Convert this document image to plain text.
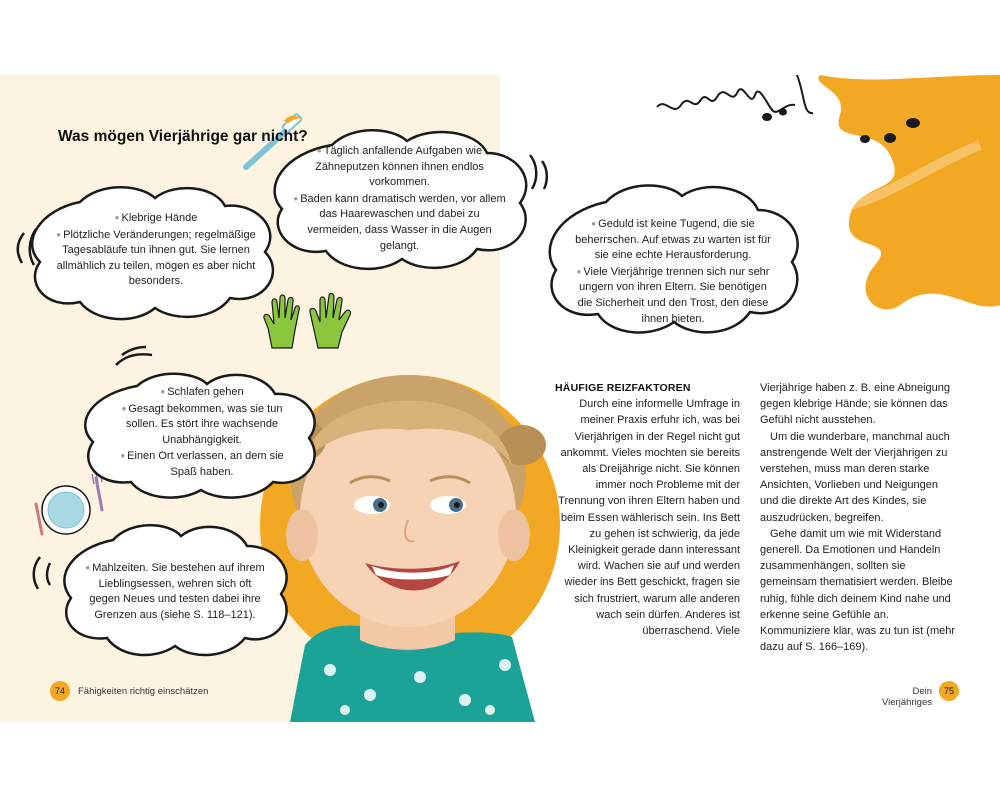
Was mögen Vierjährige gar nicht?
● Klebrige Hände
● Plötzliche Veränderungen; regelmäßige Tagesabläufe tun ihnen gut. Sie lernen allmählich zu teilen, mögen es aber nicht besonders.
● Täglich anfallende Aufgaben wie Zähneputzen können ihnen endlos vorkommen.
● Baden kann dramatisch werden, vor allem das Haarewaschen und dabei zu vermeiden, dass Wasser in die Augen gelangt.
● Schlafen gehen
● Gesagt bekommen, was sie tun sollen. Es stört ihre wachsende Unabhängigkeit.
● Einen Ort verlassen, an dem sie Spaß haben.
● Mahlzeiten. Sie bestehen auf ihrem Lieblingsessen, wehren sich oft gegen Neues und testen dabei ihre Grenzen aus (siehe S. 118–121).
● Geduld ist keine Tugend, die sie beherrschen. Auf etwas zu warten ist für sie eine echte Herausforderung.
● Viele Vierjährige trennen sich nur sehr ungern von ihren Eltern. Sie benötigen die Sicherheit und den Trost, den diese ihnen bieten.
HÄUFIGE REIZFAKTOREN
Durch eine informelle Umfrage in meiner Praxis erfuhr ich, was bei Vierjährigen in der Regel nicht gut ankommt. Vieles mochten sie bereits als Dreijährige nicht. Sie können immer noch Probleme mit der Trennung von ihren Eltern haben und beim Essen wählerisch sein. Ins Bett zu gehen ist schwierig, da jede Kleinigkeit gerade dann interessant wird. Wachen sie auf und werden wieder ins Bett geschickt, fragen sie sich frustriert, warum alle anderen wach sein dürfen. Anderes ist überraschend. Viele
Vierjährige haben z. B. eine Abneigung gegen klebrige Hände; sie können das Gefühl nicht ausstehen.
Um die wunderbare, manchmal auch anstrengende Welt der Vierjährigen zu verstehen, muss man deren starke Ansichten, Vorlieben und Neigungen und die direkte Art des Kindes, sie auszudrücken, begreifen.
Gehe damit um wie mit Widerstand generell. Da Emotionen und Handeln zusammenhängen, sollten sie gemeinsam thematisiert werden. Bleibe ruhig, fühle dich deinem Kind nahe und erkenne seine Gefühle an. Kommuniziere klar, was zu tun ist (mehr dazu auf S. 166–169).
74	Fähigkeiten richtig einschätzen	Dein Vierjähriges
75
